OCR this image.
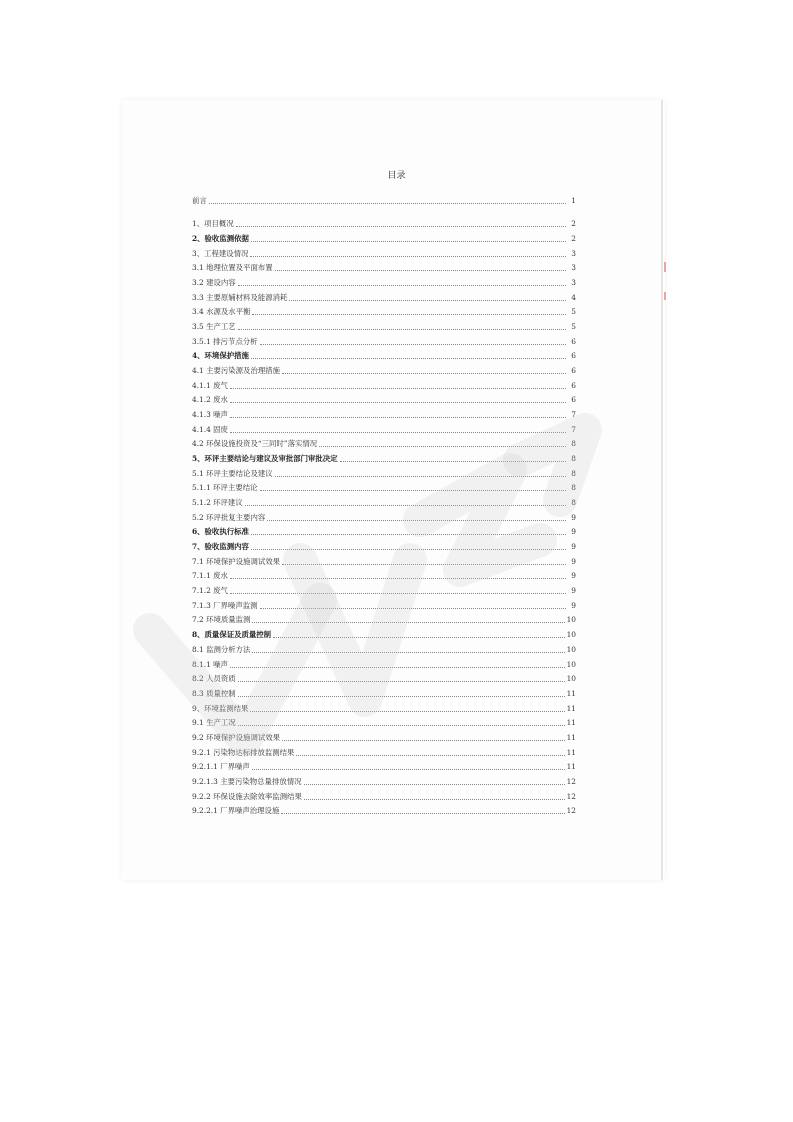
目录
前言	1
1、项目概况	2
2、验收监测依据	2
3、工程建设情况	3
3.1 地理位置及平面布置	3
3.2 建设内容	3
3.3 主要原辅材料及能源消耗	4
3.4 水源及水平衡	5
3.5 生产工艺	5
3.5.1 排污节点分析	6
4、环境保护措施	6
4.1 主要污染源及治理措施	6
4.1.1 废气	6
4.1.2 废水	6
4.1.3 噪声	7
4.1.4 固废	7
4.2 环保设施投资及“三同时”落实情况	8
5、环评主要结论与建议及审批部门审批决定	8
5.1 环评主要结论及建议	8
5.1.1 环评主要结论	8
5.1.2 环评建议	8
5.2 环评批复主要内容	9
6、验收执行标准	9
7、验收监测内容	9
7.1 环境保护设施调试效果	9
7.1.1 废水	9
7.1.2 废气	9
7.1.3 厂界噪声监测	9
7.2 环境质量监测	10
8、质量保证及质量控制	10
8.1 监测分析方法	10
8.1.1 噪声	10
8.2 人员资质	10
8.3 质量控制	11
9、环境监测结果	11
9.1 生产工况	11
9.2 环境保护设施调试效果	11
9.2.1 污染物达标排放监测结果	11
9.2.1.1 厂界噪声	11
9.2.1.3 主要污染物总量排放情况	12
9.2.2 环保设施去除效率监测结果	12
9.2.2.1 厂界噪声治理设施	12
